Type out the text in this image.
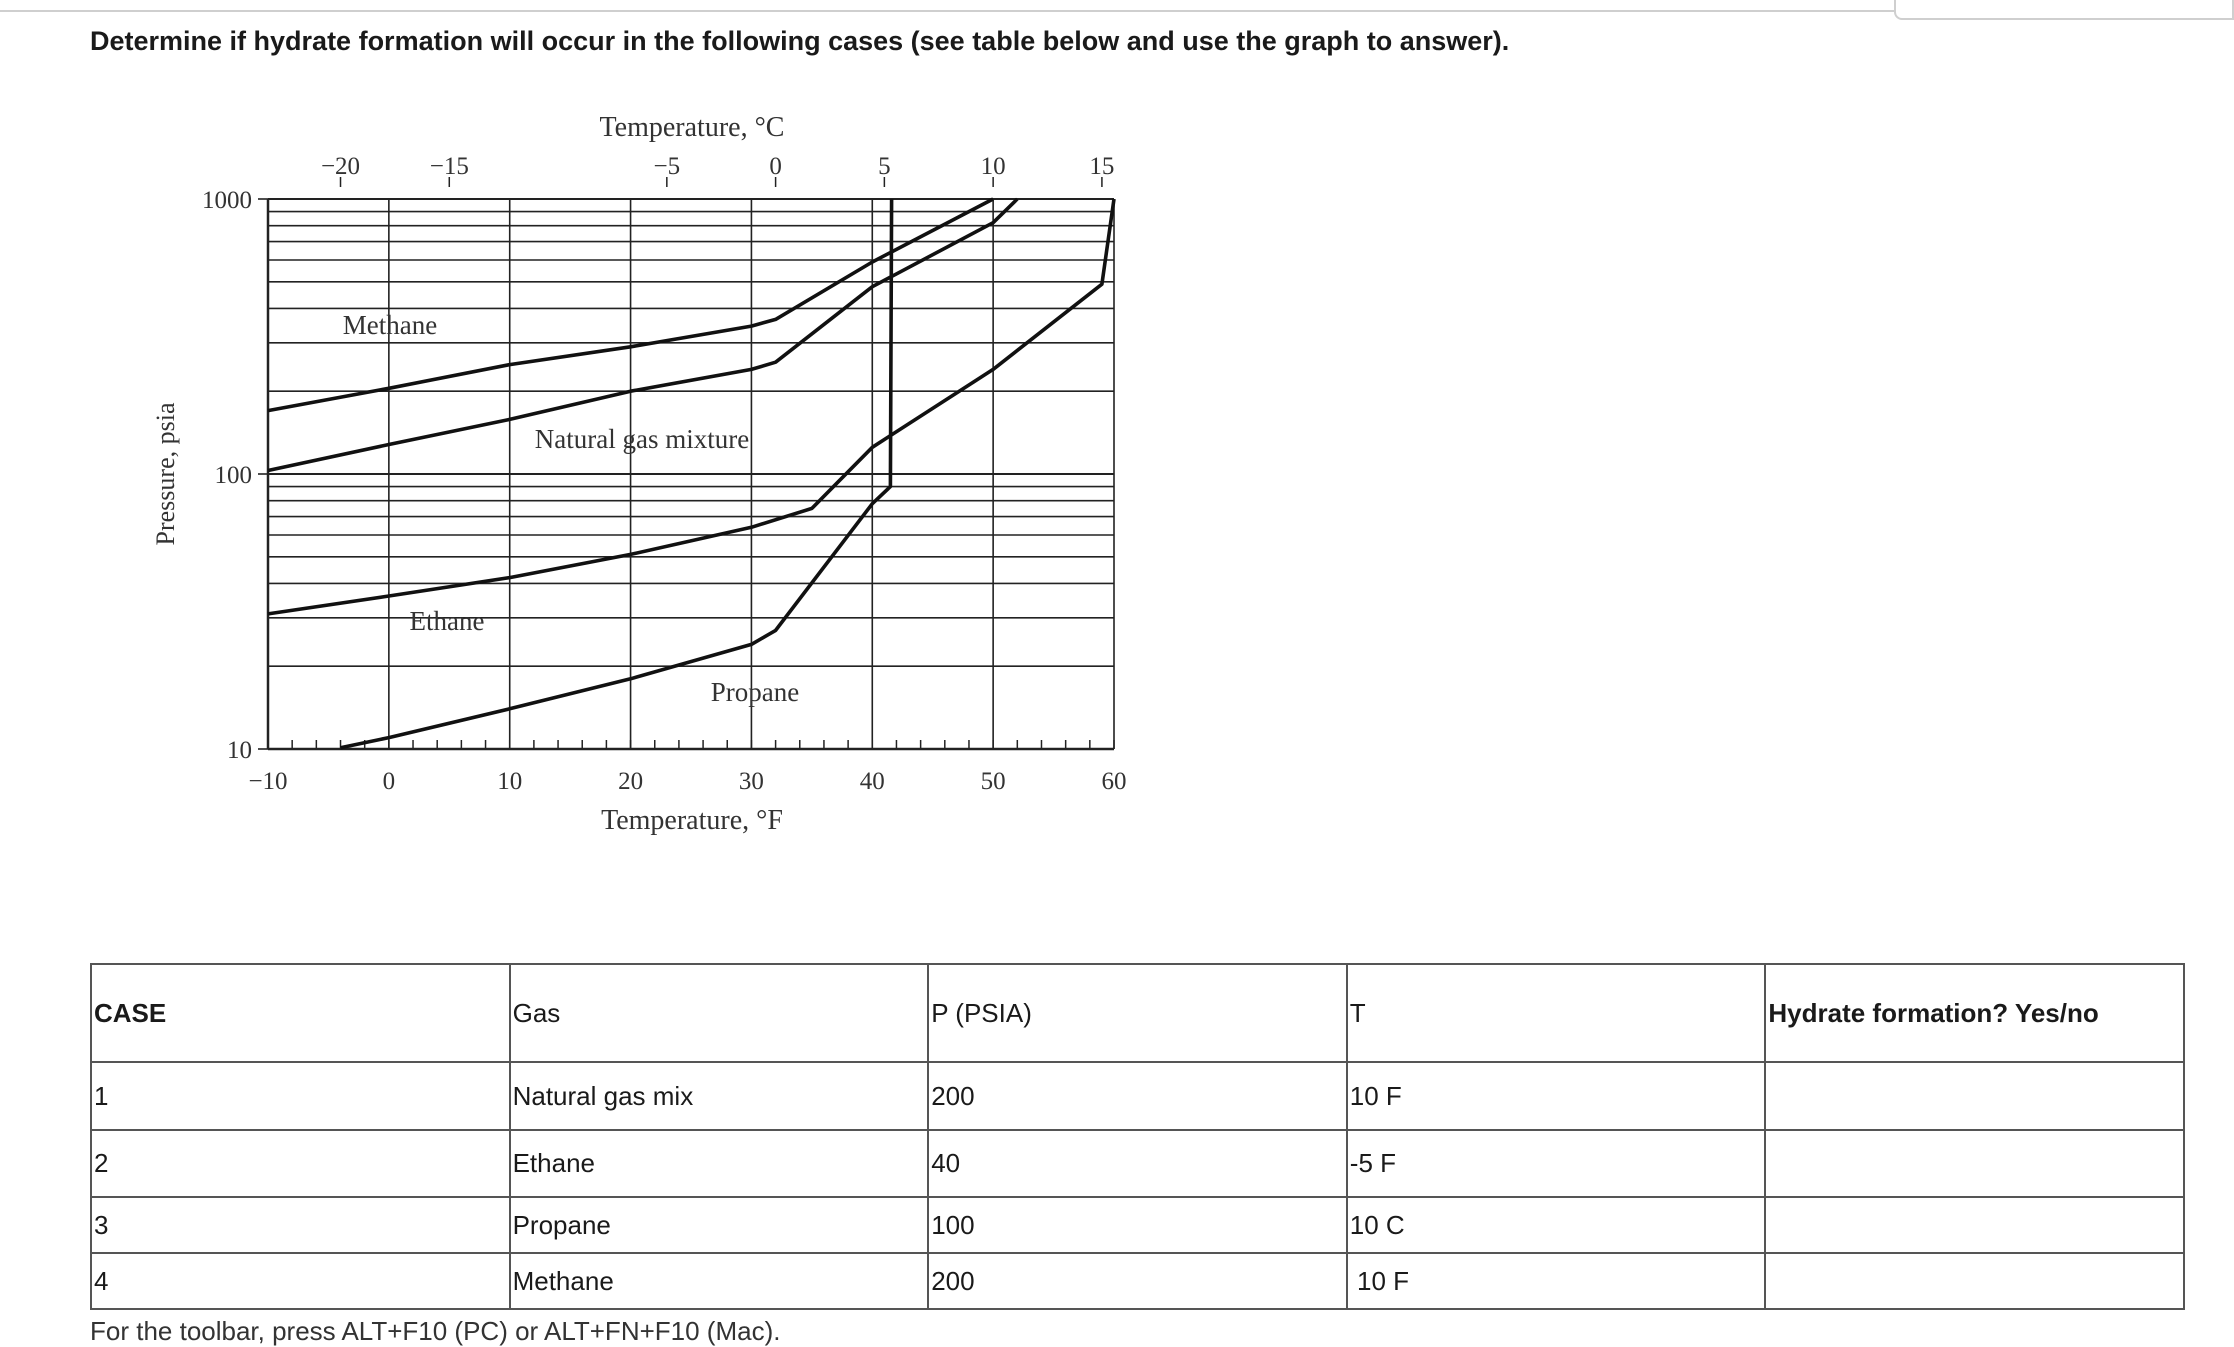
Determine if hydrate formation will occur in the following cases (see table below and use the graph to answer).
−10	0	10	20	30	40	50	60
−20	−15	−5	0	5	10	15
10
100
1000
Temperature, °C
Temperature, °F
Pressure, psia
Methane
Natural gas mixture
Ethane
Propane
CASE	Gas	P (PSIA)	T	Hydrate formation? Yes/no
1	Natural gas mix	200	10 F	
2	Ethane	40	-5 F	
3	Propane	100	10 C	
4	Methane	200	10 F	
For the toolbar, press ALT+F10 (PC) or ALT+FN+F10 (Mac).
